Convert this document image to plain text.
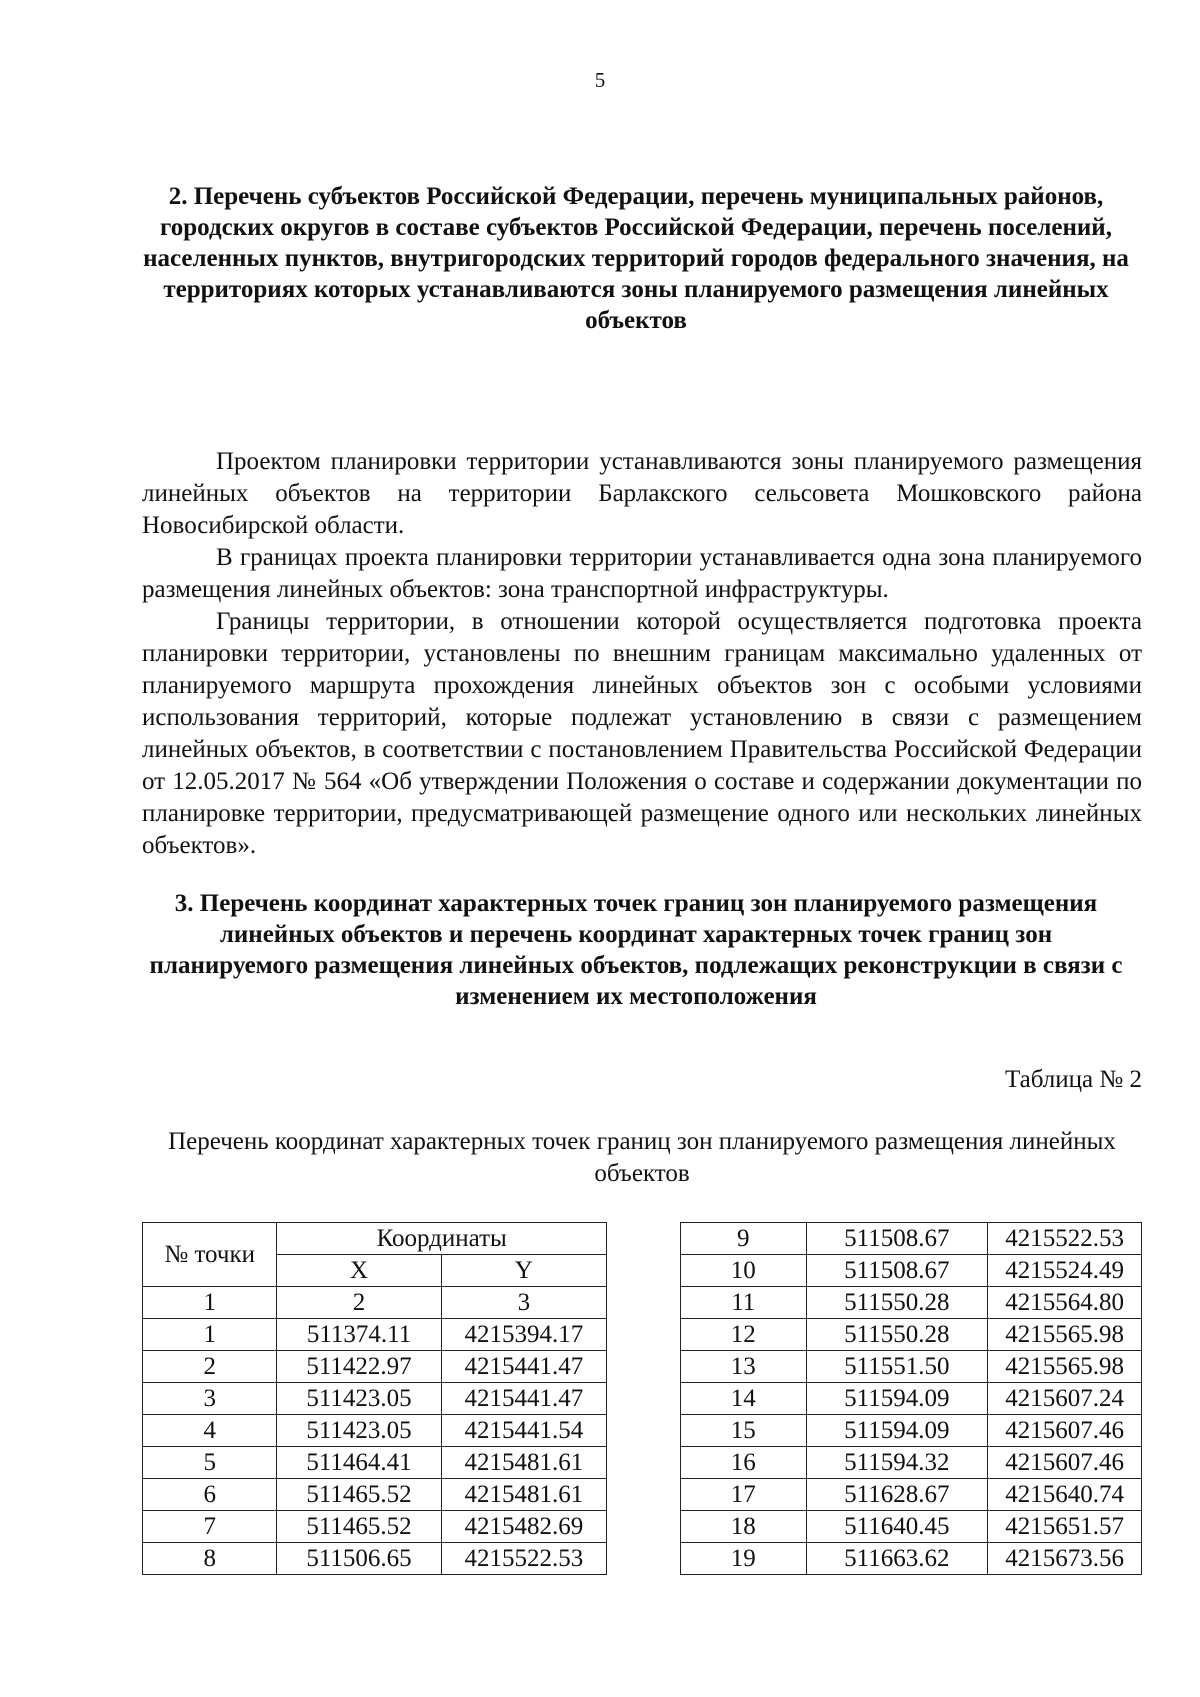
5
2. Перечень субъектов Российской Федерации, перечень муниципальных районов, городских округов в составе субъектов Российской Федерации, перечень поселений, населенных пунктов, внутригородских территорий городов федерального значения, на территориях которых устанавливаются зоны планируемого размещения линейных объектов

Проектом планировки территории устанавливаются зоны планируемого размещения линейных объектов на территории Барлакского сельсовета Мошковского района Новосибирской области.

В границах проекта планировки территории устанавливается одна зона планируемого размещения линейных объектов: зона транспортной инфраструктуры.

Границы территории, в отношении которой осуществляется подготовка проекта планировки территории, установлены по внешним границам максимально удаленных от планируемого маршрута прохождения линейных объектов зон с особыми условиями использования территорий, которые подлежат установлению в связи с размещением линейных объектов, в соответствии с постановлением Правительства Российской Федерации от 12.05.2017 № 564 «Об утверждении Положения о составе и содержании документации по планировке территории, предусматривающей размещение одного или нескольких линейных объектов».

3. Перечень координат характерных точек границ зон планируемого размещения линейных объектов и перечень координат характерных точек границ зон планируемого размещения линейных объектов, подлежащих реконструкции в связи с изменением их местоположения
Таблица № 2
Перечень координат характерных точек границ зон планируемого размещения линейных объектов
№ точки	Координаты	
	X	Y
1	2	3
1	511374.11	4215394.17
2	511422.97	4215441.47
3	511423.05	4215441.47
4	511423.05	4215441.54
5	511464.41	4215481.61
6	511465.52	4215481.61
7	511465.52	4215482.69
8	511506.65	4215522.53
9	511508.67	4215522.53
10	511508.67	4215524.49
11	511550.28	4215564.80
12	511550.28	4215565.98
13	511551.50	4215565.98
14	511594.09	4215607.24
15	511594.09	4215607.46
16	511594.32	4215607.46
17	511628.67	4215640.74
18	511640.45	4215651.57
19	511663.62	4215673.56
